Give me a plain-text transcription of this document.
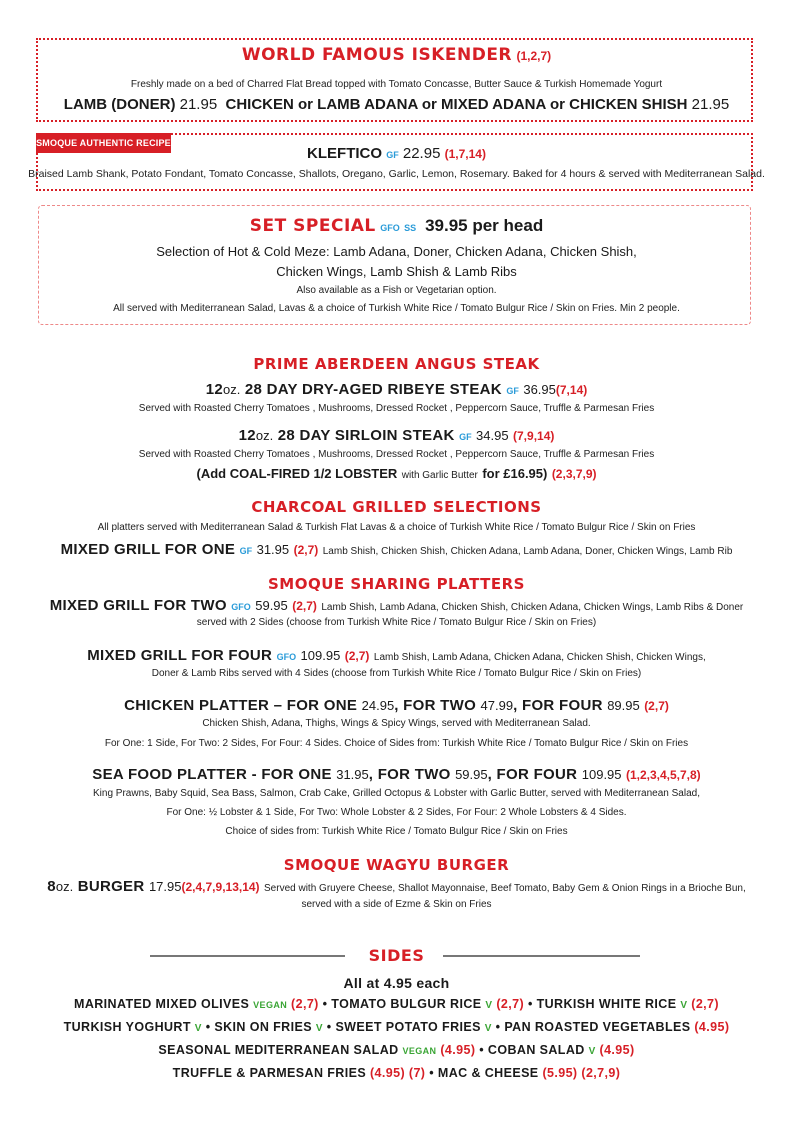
WORLD FAMOUS ISKENDER (1,2,7)
Freshly made on a bed of Charred Flat Bread topped with Tomato Concasse, Butter Sauce & Turkish Homemade Yogurt
LAMB (DONER) 21.95 CHICKEN or LAMB ADANA or MIXED ADANA or CHICKEN SHISH 21.95
SMOQUE AUTHENTIC RECIPE
KLEFTICO GF 22.95 (1,7,14)
Braised Lamb Shank, Potato Fondant, Tomato Concasse, Shallots, Oregano, Garlic, Lemon, Rosemary. Baked for 4 hours & served with Mediterranean Salad.
SET SPECIAL GFO SS 39.95 per head
Selection of Hot & Cold Meze: Lamb Adana, Doner, Chicken Adana, Chicken Shish,
Chicken Wings, Lamb Shish & Lamb Ribs
Also available as a Fish or Vegetarian option.
All served with Mediterranean Salad, Lavas & a choice of Turkish White Rice / Tomato Bulgur Rice / Skin on Fries. Min 2 people.
PRIME ABERDEEN ANGUS STEAK
12oz. 28 DAY DRY-AGED RIBEYE STEAK GF 36.95(7,14)
Served with Roasted Cherry Tomatoes , Mushrooms, Dressed Rocket , Peppercorn Sauce, Truffle & Parmesan Fries
12oz. 28 DAY SIRLOIN STEAK GF 34.95 (7,9,14)
Served with Roasted Cherry Tomatoes , Mushrooms, Dressed Rocket , Peppercorn Sauce, Truffle & Parmesan Fries
(Add COAL-FIRED 1/2 LOBSTER with Garlic Butter for £16.95) (2,3,7,9)
CHARCOAL GRILLED SELECTIONS
All platters served with Mediterranean Salad & Turkish Flat Lavas & a choice of Turkish White Rice / Tomato Bulgur Rice / Skin on Fries
MIXED GRILL FOR ONE GF 31.95 (2,7) Lamb Shish, Chicken Shish, Chicken Adana, Lamb Adana, Doner, Chicken Wings, Lamb Rib
SMOQUE SHARING PLATTERS
MIXED GRILL FOR TWO GFO 59.95 (2,7) Lamb Shish, Lamb Adana, Chicken Shish, Chicken Adana, Chicken Wings, Lamb Ribs & Doner
served with 2 Sides (choose from Turkish White Rice / Tomato Bulgur Rice / Skin on Fries)
MIXED GRILL FOR FOUR GFO 109.95 (2,7) Lamb Shish, Lamb Adana, Chicken Adana, Chicken Shish, Chicken Wings,
Doner & Lamb Ribs served with 4 Sides (choose from Turkish White Rice / Tomato Bulgur Rice / Skin on Fries)
CHICKEN PLATTER – FOR ONE 24.95, FOR TWO 47.99, FOR FOUR 89.95 (2,7)
Chicken Shish, Adana, Thighs, Wings & Spicy Wings, served with Mediterranean Salad.
For One: 1 Side, For Two: 2 Sides, For Four: 4 Sides. Choice of Sides from: Turkish White Rice / Tomato Bulgur Rice / Skin on Fries
SEA FOOD PLATTER - FOR ONE 31.95, FOR TWO 59.95, FOR FOUR 109.95 (1,2,3,4,5,7,8)
King Prawns, Baby Squid, Sea Bass, Salmon, Crab Cake, Grilled Octopus & Lobster with Garlic Butter, served with Mediterranean Salad,
For One: ½ Lobster & 1 Side, For Two: Whole Lobster & 2 Sides, For Four: 2 Whole Lobsters & 4 Sides.
Choice of sides from: Turkish White Rice / Tomato Bulgur Rice / Skin on Fries
SMOQUE WAGYU BURGER
8oz. BURGER 17.95(2,4,7,9,13,14) Served with Gruyere Cheese, Shallot Mayonnaise, Beef Tomato, Baby Gem & Onion Rings in a Brioche Bun,
served with a side of Ezme & Skin on Fries
SIDES
All at 4.95 each
MARINATED MIXED OLIVES VEGAN (2,7) • TOMATO BULGUR RICE V (2,7) • TURKISH WHITE RICE V (2,7)
TURKISH YOGHURT V • SKIN ON FRIES V • SWEET POTATO FRIES V • PAN ROASTED VEGETABLES (4.95)
SEASONAL MEDITERRANEAN SALAD VEGAN (4.95) • COBAN SALAD V (4.95)
TRUFFLE & PARMESAN FRIES (4.95) (7) • MAC & CHEESE (5.95) (2,7,9)
